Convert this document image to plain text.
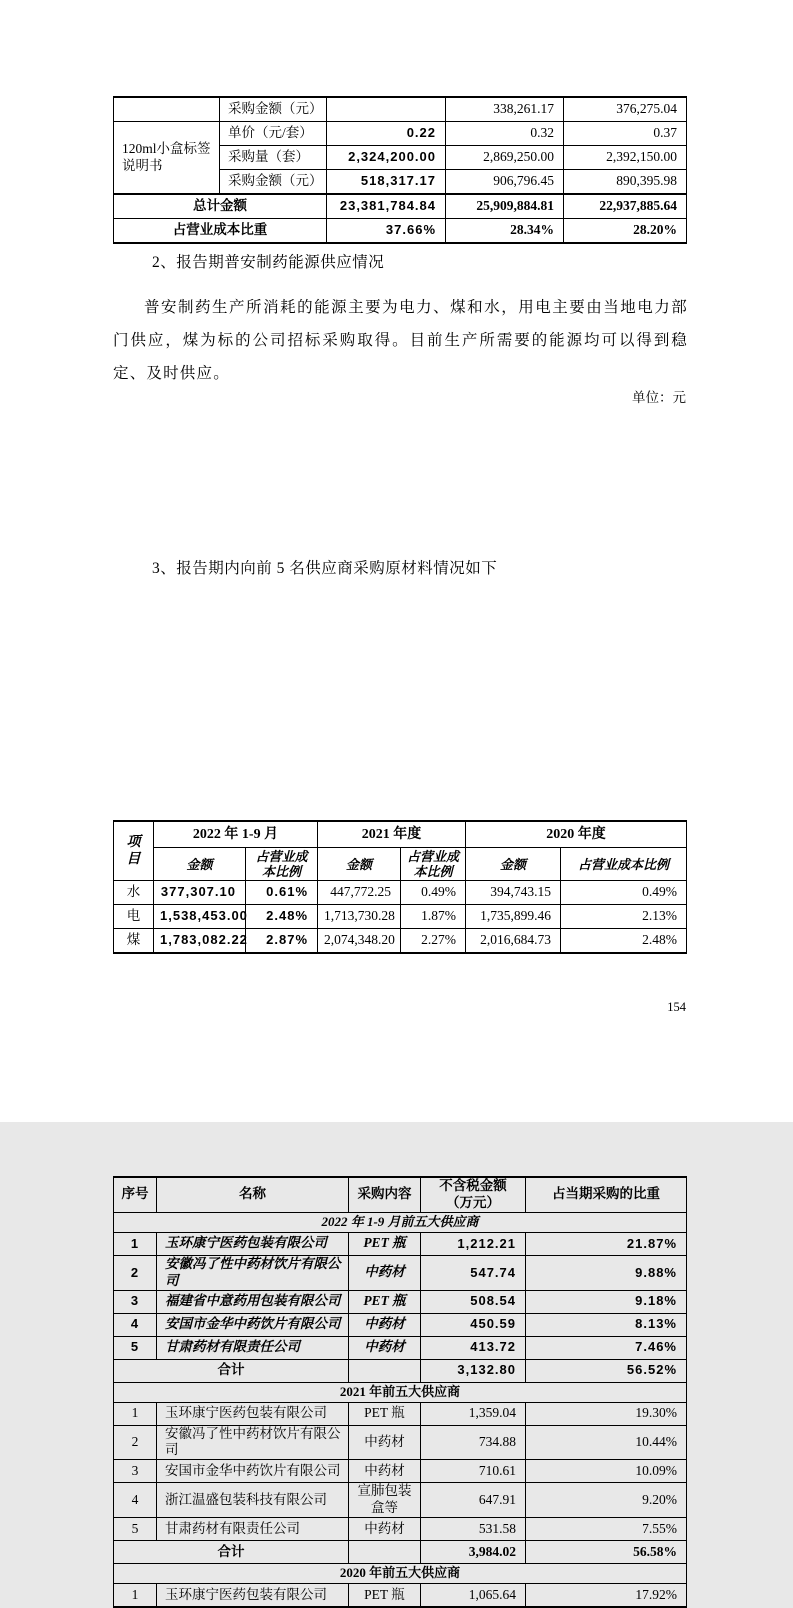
	采购金额（元）		338,261.17	376,275.04
120ml小盒标签说明书	单价（元/套）	0.22	0.32	0.37
	采购量（套）	2,324,200.00	2,869,250.00	2,392,150.00
	采购金额（元）	518,317.17	906,796.45	890,395.98
总计金额		23,381,784.84	25,909,884.81	22,937,885.64
占营业成本比重		37.66%	28.34%	28.20%
2、报告期普安制药能源供应情况

普安制药生产所消耗的能源主要为电力、煤和水，用电主要由当地电力部门供应，煤为标的公司招标采购取得。目前生产所需要的能源均可以得到稳定、及时供应。

单位：元

项目	2022 年 1-9 月		2021 年度		2020 年度	
	金额	占营业成本比例	金额	占营业成本比例	金额	占营业成本比例
水	377,307.10	0.61%	447,772.25	0.49%	394,743.15	0.49%
电	1,538,453.00	2.48%	1,713,730.28	1.87%	1,735,899.46	2.13%
煤	1,783,082.22	2.87%	2,074,348.20	2.27%	2,016,684.73	2.48%
3、报告期内向前 5 名供应商采购原材料情况如下
序号	名称	采购内容	不含税金额（万元）	占当期采购的比重
2022 年 1-9 月前五大供应商				
1	玉环康宁医药包装有限公司	PET 瓶	1,212.21	21.87%
2	安徽冯了性中药材饮片有限公司	中药材	547.74	9.88%
3	福建省中意药用包装有限公司	PET 瓶	508.54	9.18%
4	安国市金华中药饮片有限公司	中药材	450.59	8.13%
5	甘肃药材有限责任公司	中药材	413.72	7.46%
合计			3,132.80	56.52%
2021 年前五大供应商				
1	玉环康宁医药包装有限公司	PET 瓶	1,359.04	19.30%
2	安徽冯了性中药材饮片有限公司	中药材	734.88	10.44%
3	安国市金华中药饮片有限公司	中药材	710.61	10.09%
4	浙江温盛包装科技有限公司	宣肺包装盒等	647.91	9.20%
5	甘肃药材有限责任公司	中药材	531.58	7.55%
合计			3,984.02	56.58%
2020 年前五大供应商				
1	玉环康宁医药包装有限公司	PET 瓶	1,065.64	17.92%

154
